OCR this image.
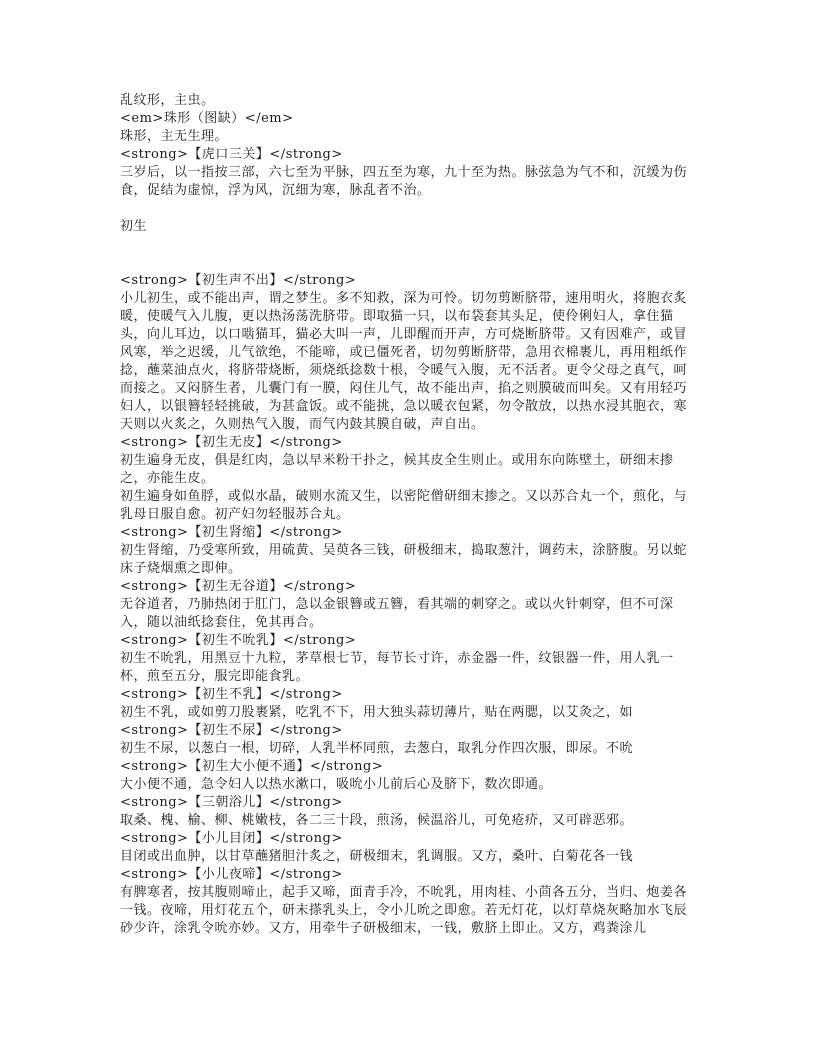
乱纹形，主虫。

<em>珠形（图缺）</em>

珠形，主无生理。

<strong>【虎口三关】</strong>

三岁后，以一指按三部，六七至为平脉，四五至为寒，九十至为热。脉弦急为气不和，沉缓为伤食，促结为虚惊，浮为风，沉细为寒，脉乱者不治。

初生

<strong>【初生声不出】</strong>

小儿初生，或不能出声，谓之梦生。多不知救，深为可怜。切勿剪断脐带，速用明火，将胞衣炙暖，使暖气入儿腹，更以热汤荡洗脐带。即取猫一只，以布袋套其头足，使伶俐妇人，拿住猫头，向儿耳边，以口啮猫耳，猫必大叫一声，儿即醒而开声，方可烧断脐带。又有因难产，或冒风寒，举之迟缓，儿气欲绝，不能啼，或已僵死者，切勿剪断脐带，急用衣棉裹儿，再用粗纸作捻，蘸菜油点火，将脐带烧断，须烧纸捻数十根，令暖气入腹，无不活者。更令父母之真气，呵而接之。又闷脐生者，儿囊门有一膜，闷住儿气，故不能出声，掐之则膜破而叫矣。又有用轻巧妇人，以银簪轻轻挑破，为甚盒饭。或不能挑，急以暖衣包紧，勿令散放，以热水浸其胞衣，寒天则以火炙之，久则热气入腹，而气内鼓其膜自破，声自出。

<strong>【初生无皮】</strong>

初生遍身无皮，俱是红肉，急以早米粉干扑之，候其皮全生则止。或用东向陈壁土，研细末掺之，亦能生皮。

初生遍身如鱼脬，或似水晶，破则水流又生，以密陀僧研细末掺之。又以苏合丸一个，煎化，与乳母日服自愈。初产妇勿轻服苏合丸。

<strong>【初生肾缩】</strong>

初生肾缩，乃受寒所致，用硫黄、吴萸各三钱，研极细末，捣取葱汁，调药末，涂脐腹。另以蛇床子烧烟熏之即伸。

<strong>【初生无谷道】</strong>

无谷道者，乃肺热闭于肛门，急以金银簪或五簪，看其端的刺穿之。或以火针刺穿，但不可深入，随以油纸捻套住，免其再合。

<strong>【初生不吮乳】</strong>

初生不吮乳，用黑豆十九粒，茅草根七节，每节长寸许，赤金器一件，纹银器一件，用人乳一杯，煎至五分，服完即能食乳。

<strong>【初生不乳】</strong>

初生不乳，或如剪刀股裹紧，吃乳不下，用大独头蒜切薄片，贴在两腮，以艾灸之，如

<strong>【初生不尿】</strong>

初生不尿，以葱白一根，切碎，人乳半杯同煎，去葱白，取乳分作四次服，即尿。不吮

<strong>【初生大小便不通】</strong>

大小便不通，急令妇人以热水漱口，吸吮小儿前后心及脐下，数次即通。

<strong>【三朝浴儿】</strong>

取桑、槐、榆、柳、桃嫩枝，各二三十段，煎汤，候温浴儿，可免疮疥，又可辟恶邪。

<strong>【小儿目闭】</strong>

目闭或出血肿，以甘草蘸猪胆汁炙之，研极细末，乳调服。又方，桑叶、白菊花各一钱

<strong>【小儿夜啼】</strong>

有脾寒者，按其腹则啼止，起手又啼，面青手冷，不吮乳，用肉桂、小茴各五分，当归、炮姜各一钱。夜啼，用灯花五个，研末搽乳头上，令小儿吮之即愈。若无灯花，以灯草烧灰略加水飞辰砂少许，涂乳令吮亦妙。又方，用牵牛子研极细末，一钱，敷脐上即止。又方，鸡粪涂儿
